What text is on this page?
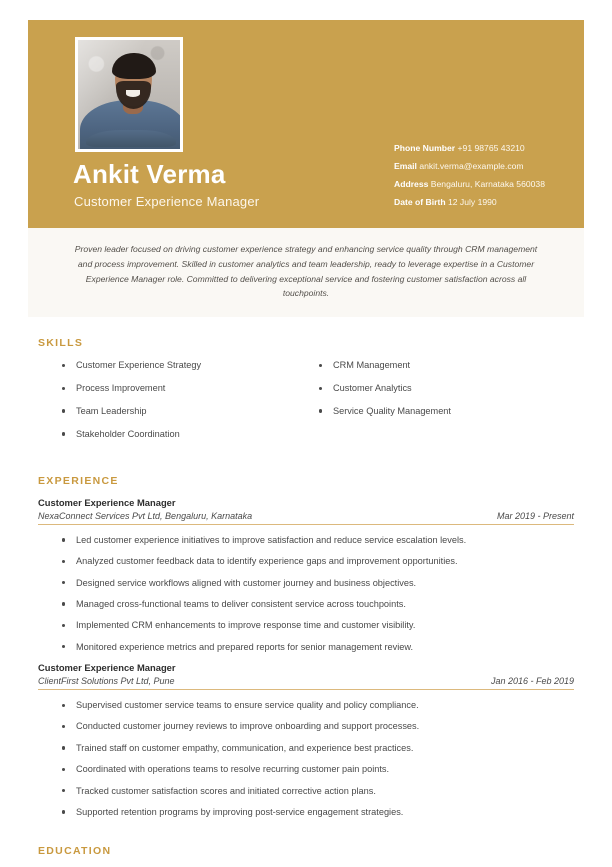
Ankit Verma
Customer Experience Manager
Phone Number +91 98765 43210
Email ankit.verma@example.com
Address Bengaluru, Karnataka 560038
Date of Birth 12 July 1990
Proven leader focused on driving customer experience strategy and enhancing service quality through CRM management and process improvement. Skilled in customer analytics and team leadership, ready to leverage expertise in a Customer Experience Manager role. Committed to delivering exceptional service and fostering customer satisfaction across all touchpoints.
SKILLS
Customer Experience Strategy
Process Improvement
Team Leadership
Stakeholder Coordination
CRM Management
Customer Analytics
Service Quality Management
EXPERIENCE
Customer Experience Manager
NexaConnect Services Pvt Ltd, Bengaluru, Karnataka	Mar 2019 - Present
Led customer experience initiatives to improve satisfaction and reduce service escalation levels.
Analyzed customer feedback data to identify experience gaps and improvement opportunities.
Designed service workflows aligned with customer journey and business objectives.
Managed cross-functional teams to deliver consistent service across touchpoints.
Implemented CRM enhancements to improve response time and customer visibility.
Monitored experience metrics and prepared reports for senior management review.
Customer Experience Manager
ClientFirst Solutions Pvt Ltd, Pune	Jan 2016 - Feb 2019
Supervised customer service teams to ensure service quality and policy compliance.
Conducted customer journey reviews to improve onboarding and support processes.
Trained staff on customer empathy, communication, and experience best practices.
Coordinated with operations teams to resolve recurring customer pain points.
Tracked customer satisfaction scores and initiated corrective action plans.
Supported retention programs by improving post-service engagement strategies.
EDUCATION
